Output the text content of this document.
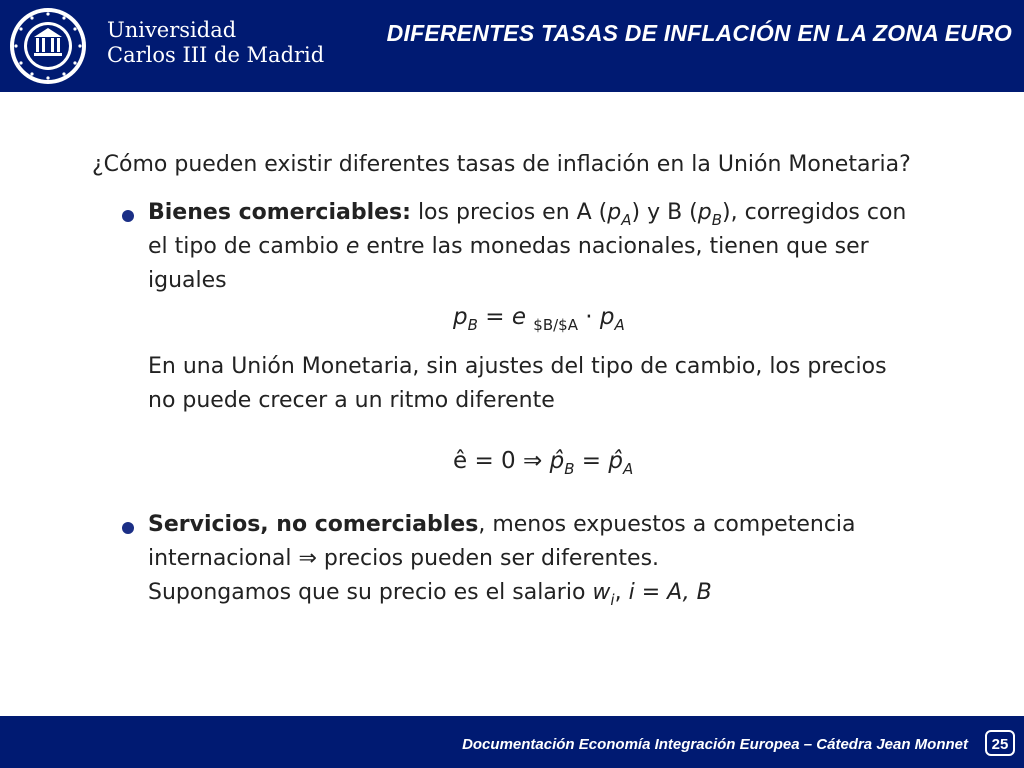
Universidad
Carlos III de Madrid
DIFERENTES TASAS DE INFLACIÓN EN LA ZONA EURO
¿Cómo pueden existir diferentes tasas de inflación en la Unión Monetaria?
Bienes comerciables: los precios en A $(p_A)$ y B $(p_B)$, corregidos con
el tipo de cambio e entre las monedas nacionales, tienen que ser
iguales
$p_B = e$ $_{\$B/\$A} \cdot p_A$
En una Unión Monetaria, sin ajustes del tipo de cambio, los precios
no puede crecer a un ritmo diferente
ê = 0 ⇒ $p̂_B$ = $p̂_A$
Servicios, no comerciables, menos expuestos a competencia
internacional ⇒ precios pueden ser diferentes.
Supongamos que su precio es el salario $w_i$, i = A, B
Documentación Economía Integración Europea – Cátedra Jean Monnet	25
